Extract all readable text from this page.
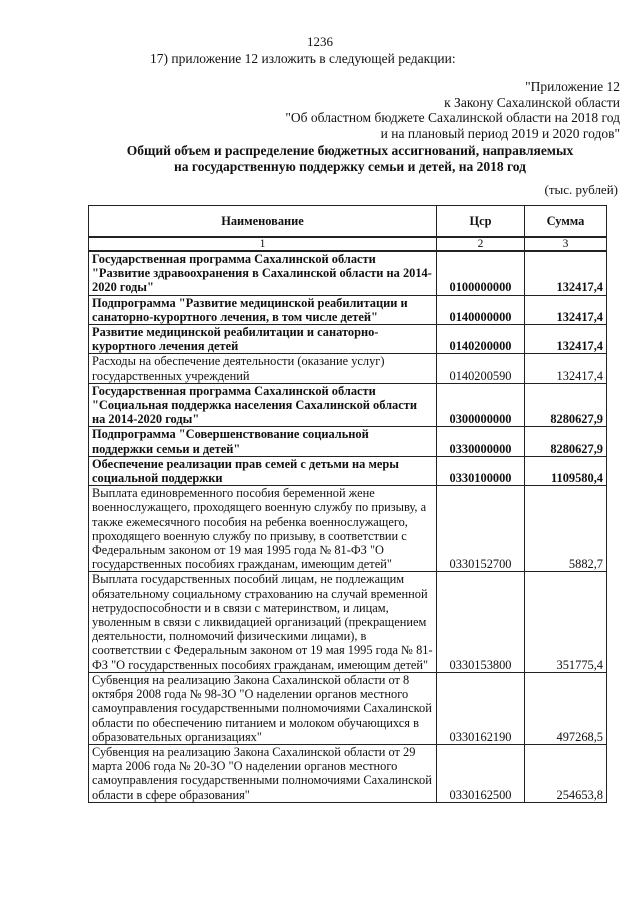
1236
17) приложение 12 изложить в следующей редакции:
"Приложение 12
к Закону Сахалинской области
"Об областном бюджете Сахалинской области на 2018 год
и на плановый период 2019 и 2020 годов"
Общий объем и распределение бюджетных ассигнований, направляемых
на государственную поддержку семьи и детей, на 2018 год
(тыс. рублей)
Наименование	Цср	Сумма
1	2	3
Государственная программа Сахалинской области "Развитие здравоохранения в Сахалинской области на 2014-2020 годы"	0100000000	132417,4
Подпрограмма "Развитие медицинской реабилитации и санаторно-курортного лечения, в том числе детей"	0140000000	132417,4
Развитие медицинской реабилитации и санаторно-курортного лечения детей	0140200000	132417,4
Расходы на обеспечение деятельности (оказание услуг) государственных учреждений	0140200590	132417,4
Государственная программа Сахалинской области "Социальная поддержка населения Сахалинской области на 2014-2020 годы"	0300000000	8280627,9
Подпрограмма "Совершенствование социальной поддержки семьи и детей"	0330000000	8280627,9
Обеспечение реализации прав семей с детьми на меры социальной поддержки	0330100000	1109580,4
Выплата единовременного пособия беременной жене военнослужащего, проходящего военную службу по призыву, а также ежемесячного пособия на ребенка военнослужащего, проходящего военную службу по призыву, в соответствии с Федеральным законом от 19 мая 1995 года № 81-ФЗ "О государственных пособиях гражданам, имеющим детей"	0330152700	5882,7
Выплата государственных пособий лицам, не подлежащим обязательному социальному страхованию на случай временной нетрудоспособности и в связи с материнством, и лицам, уволенным в связи с ликвидацией организаций (прекращением деятельности, полномочий физическими лицами), в соответствии с Федеральным законом от 19 мая 1995 года № 81-ФЗ "О государственных пособиях гражданам, имеющим детей"	0330153800	351775,4
Субвенция на реализацию Закона Сахалинской области от 8 октября 2008 года № 98-ЗО "О наделении органов местного самоуправления государственными полномочиями Сахалинской области по обеспечению питанием и молоком обучающихся в образовательных организациях"	0330162190	497268,5
Субвенция на реализацию Закона Сахалинской области от 29 марта 2006 года № 20-ЗО "О наделении органов местного самоуправления государственными полномочиями Сахалинской области в сфере образования"	0330162500	254653,8
